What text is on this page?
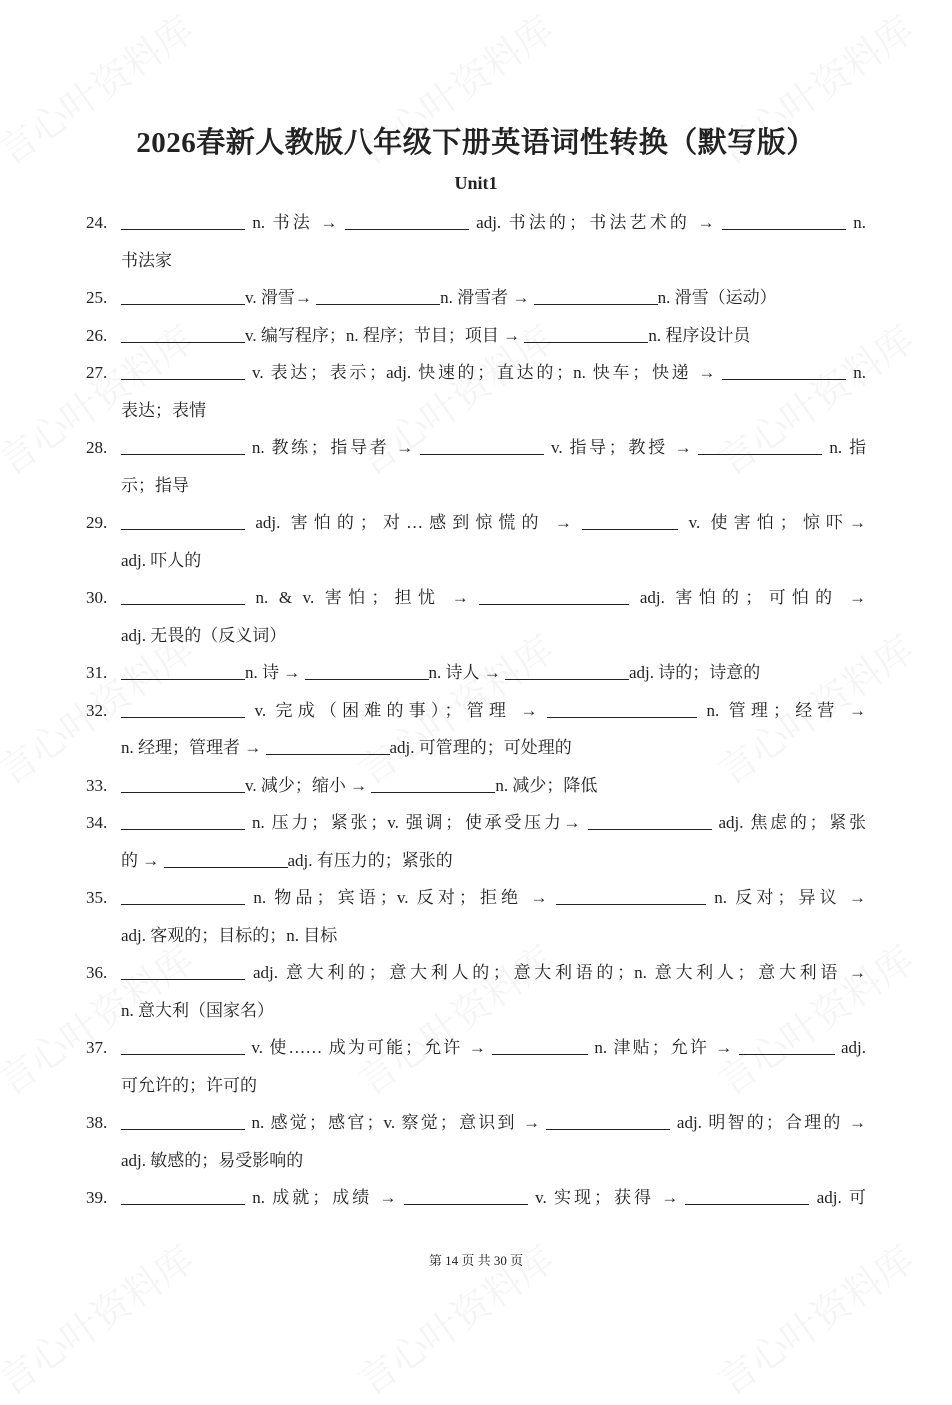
2026春新人教版八年级下册英语词性转换（默写版）
Unit1
24.	n. 书法 →	adj. 书法的；书法艺术的 →	n.
书法家
25.	v. 滑雪→	n. 滑雪者 →	n. 滑雪（运动）
26.	v. 编写程序；n. 程序；节目；项目 →	n. 程序设计员
27.	v. 表达；表示；adj. 快速的；直达的；n. 快车；快递 →	n.
表达；表情
28.	n. 教练；指导者 →	v. 指导；教授 →	n. 指
示；指导
29.	adj. 害怕的；对…感到惊慌的 →	v. 使害怕；惊吓→
adj. 吓人的
30.	n. & v. 害怕；担忧 →	adj. 害怕的；可怕的 →
adj. 无畏的（反义词）
31.	n. 诗 →	n. 诗人 →	adj. 诗的；诗意的
32.	v. 完成（困难的事）；管理 →	n. 管理；经营 →
n. 经理；管理者 →	adj. 可管理的；可处理的
33.	v. 减少；缩小 →	n. 减少；降低
34.	n. 压力；紧张；v. 强调；使承受压力→	adj. 焦虑的；紧张
的 →	adj. 有压力的；紧张的
35.	n. 物品；宾语；v. 反对；拒绝 →	n. 反对；异议 →
adj. 客观的；目标的；n. 目标
36.	adj. 意大利的；意大利人的；意大利语的；n. 意大利人；意大利语 →
n. 意大利（国家名）
37.	v. 使…… 成为可能；允许 →	n. 津贴；允许 →	adj.
可允许的；许可的
38.	n. 感觉；感官；v. 察觉；意识到 →	adj. 明智的；合理的 →
adj. 敏感的；易受影响的
39.	n. 成就；成绩 →	v. 实现；获得 →	adj. 可
第 14 页 共 30 页
